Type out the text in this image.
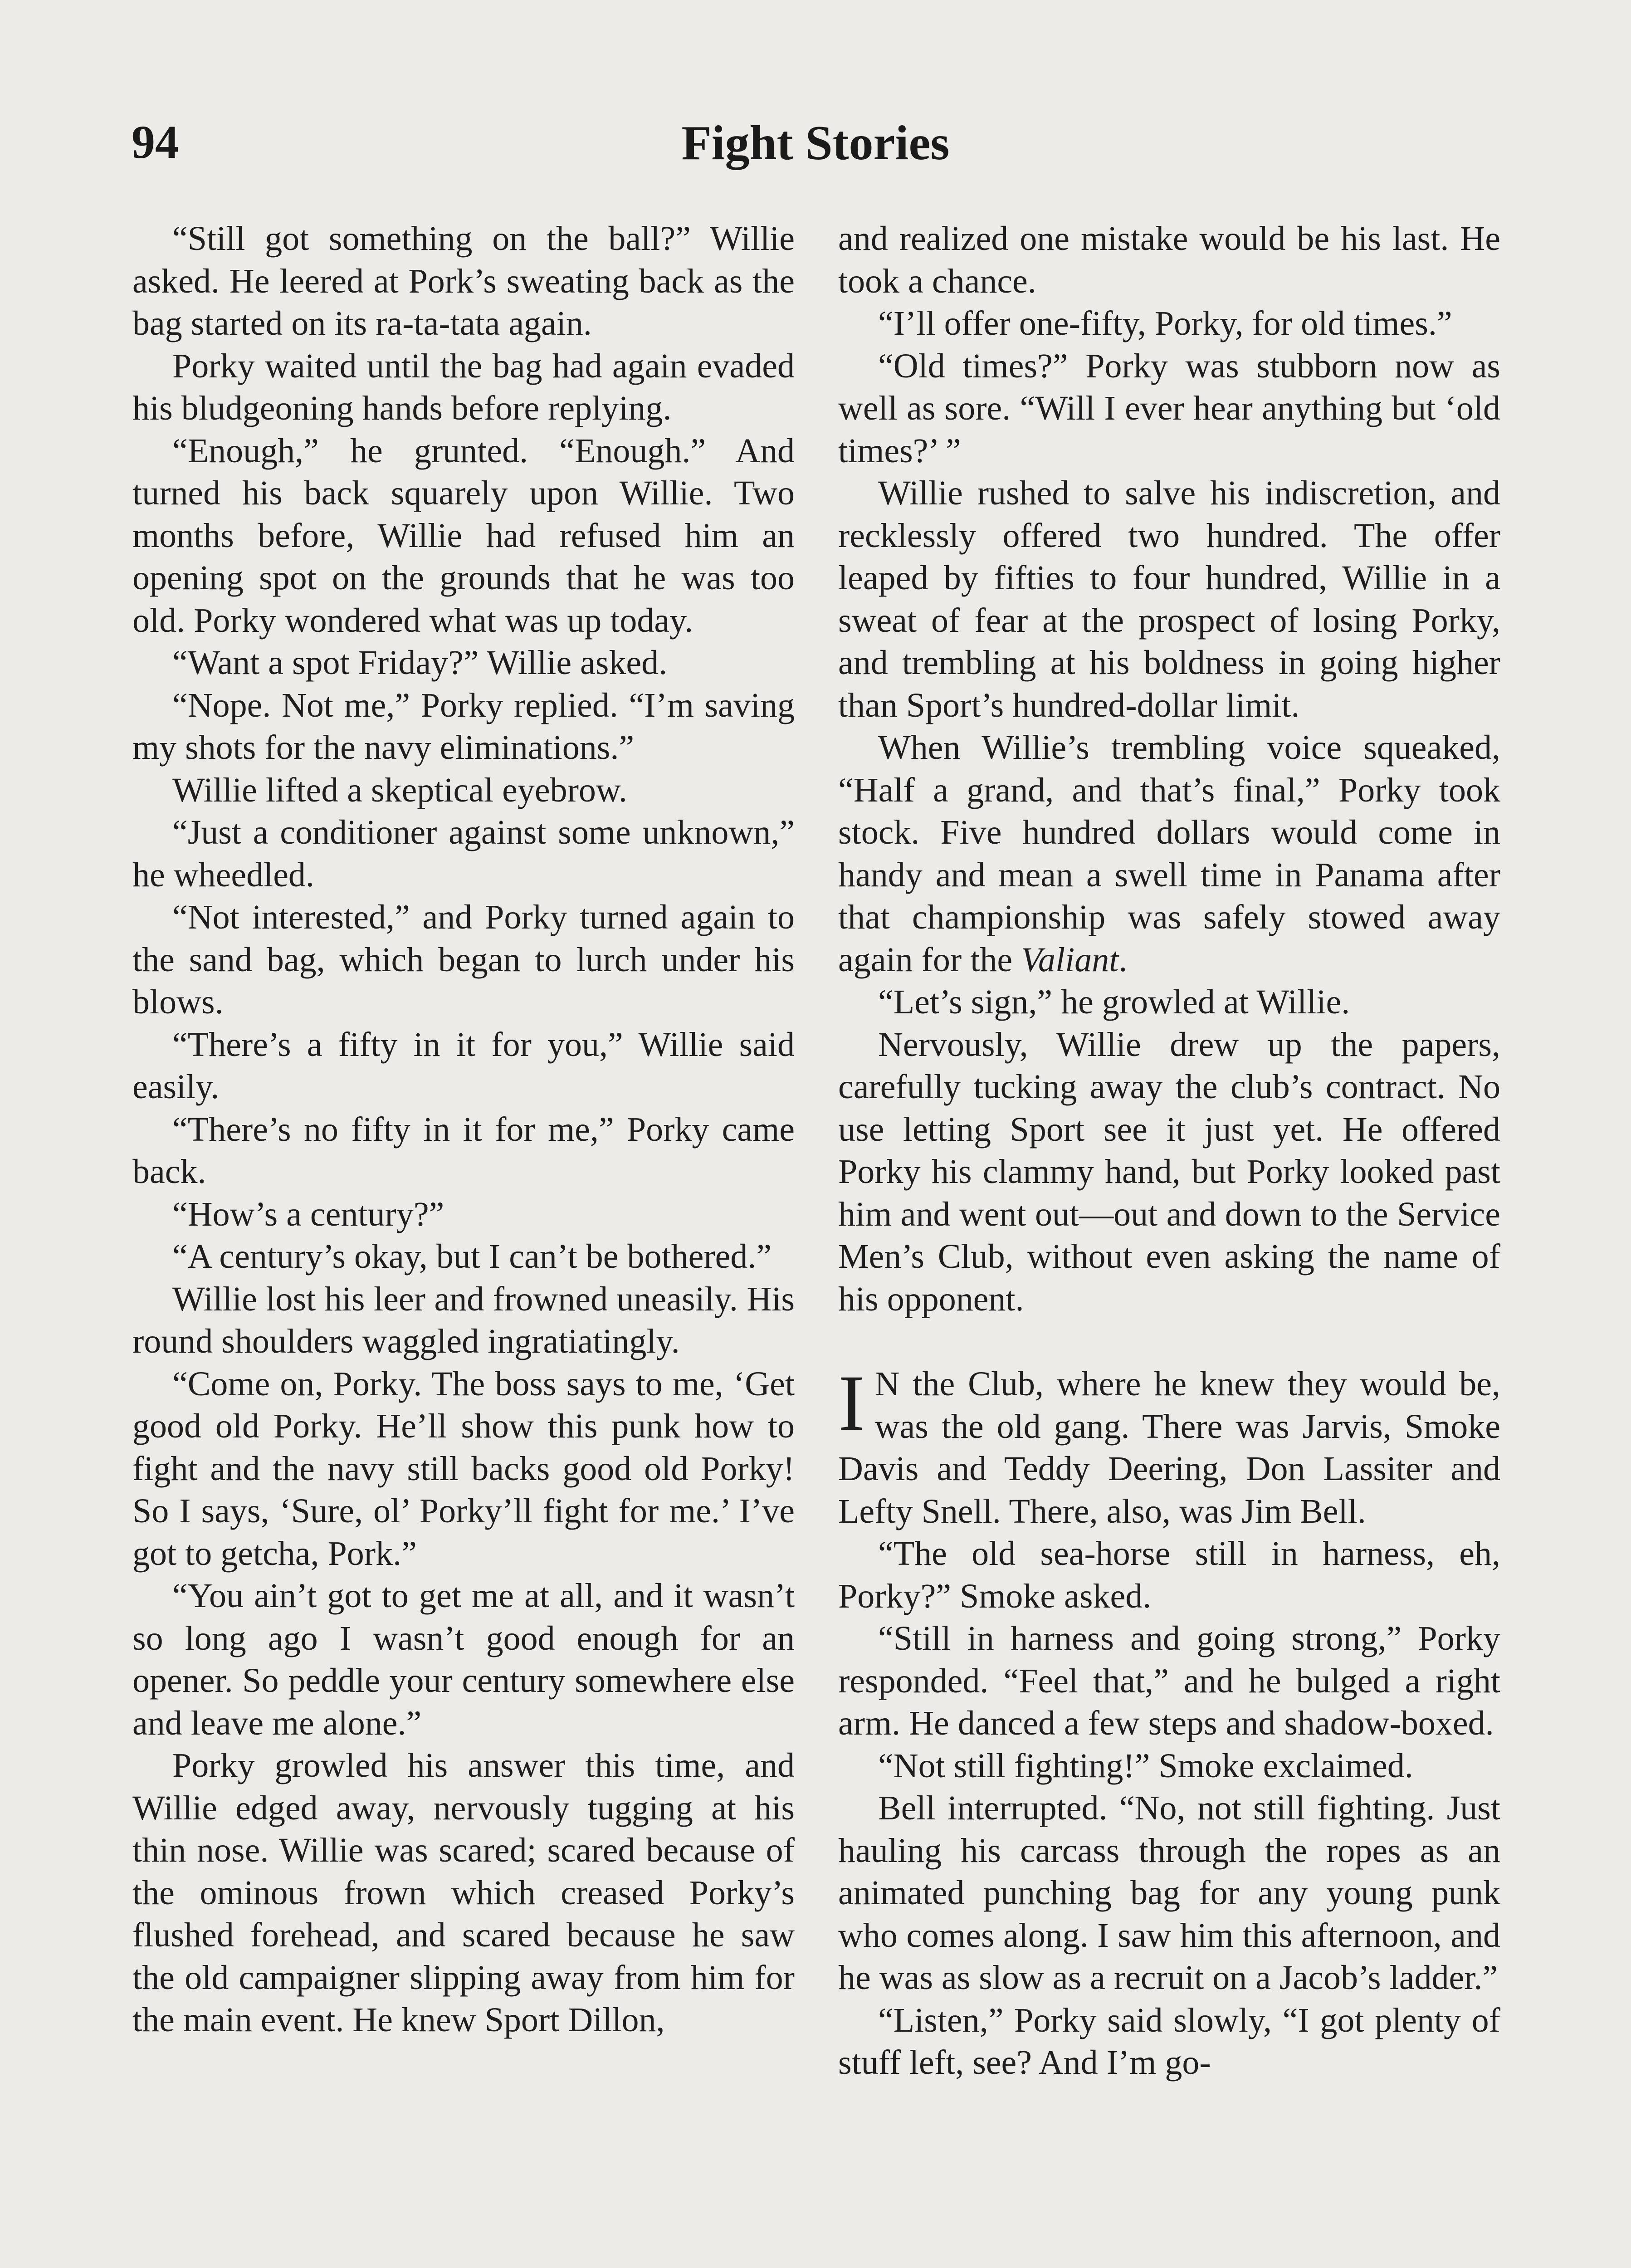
94	Fight Stories

“Still got something on the ball?” Willie asked. He leered at Pork’s sweating back as the bag started on its ra-ta-tata again.

Porky waited until the bag had again evaded his bludgeoning hands before replying.

“Enough,” he grunted. “Enough.” And turned his back squarely upon Willie. Two months before, Willie had refused him an opening spot on the grounds that he was too old. Porky wondered what was up today.

“Want a spot Friday?” Willie asked.

“Nope. Not me,” Porky replied. “I’m saving my shots for the navy eliminations.”

Willie lifted a skeptical eyebrow.

“Just a conditioner against some unknown,” he wheedled.

“Not interested,” and Porky turned again to the sand bag, which began to lurch under his blows.

“There’s a fifty in it for you,” Willie said easily.

“There’s no fifty in it for me,” Porky came back.

“How’s a century?”

“A century’s okay, but I can’t be bothered.”

Willie lost his leer and frowned uneasily. His round shoulders waggled ingratiatingly.

“Come on, Porky. The boss says to me, ‘Get good old Porky. He’ll show this punk how to fight and the navy still backs good old Porky! So I says, ‘Sure, ol’ Porky’ll fight for me.’ I’ve got to getcha, Pork.”

“You ain’t got to get me at all, and it wasn’t so long ago I wasn’t good enough for an opener. So peddle your century somewhere else and leave me alone.”

Porky growled his answer this time, and Willie edged away, nervously tugging at his thin nose. Willie was scared; scared because of the ominous frown which creased Porky’s flushed forehead, and scared because he saw the old campaigner slipping away from him for the main event. He knew Sport Dillon,

and realized one mistake would be his last. He took a chance.

“I’ll offer one-fifty, Porky, for old times.”

“Old times?” Porky was stubborn now as well as sore. “Will I ever hear anything but ‘old times?’ ”

Willie rushed to salve his indiscretion, and recklessly offered two hundred. The offer leaped by fifties to four hundred, Willie in a sweat of fear at the prospect of losing Porky, and trembling at his boldness in going higher than Sport’s hundred-dollar limit.

When Willie’s trembling voice squeaked, “Half a grand, and that’s final,” Porky took stock. Five hundred dollars would come in handy and mean a swell time in Panama after that championship was safely stowed away again for the Valiant.

“Let’s sign,” he growled at Willie.

Nervously, Willie drew up the papers, carefully tucking away the club’s contract. No use letting Sport see it just yet. He offered Porky his clammy hand, but Porky looked past him and went out—out and down to the Service Men’s Club, without even asking the name of his opponent.

I N the Club, where he knew they would be, was the old gang. There was Jarvis, Smoke Davis and Teddy Deering, Don Lassiter and Lefty Snell. There, also, was Jim Bell.

“The old sea-horse still in harness, eh, Porky?” Smoke asked.

“Still in harness and going strong,” Porky responded. “Feel that,” and he bulged a right arm. He danced a few steps and shadow-boxed.

“Not still fighting!” Smoke exclaimed.

Bell interrupted. “No, not still fighting. Just hauling his carcass through the ropes as an animated punching bag for any young punk who comes along. I saw him this afternoon, and he was as slow as a recruit on a Jacob’s ladder.”

“Listen,” Porky said slowly, “I got plenty of stuff left, see? And I’m go-
